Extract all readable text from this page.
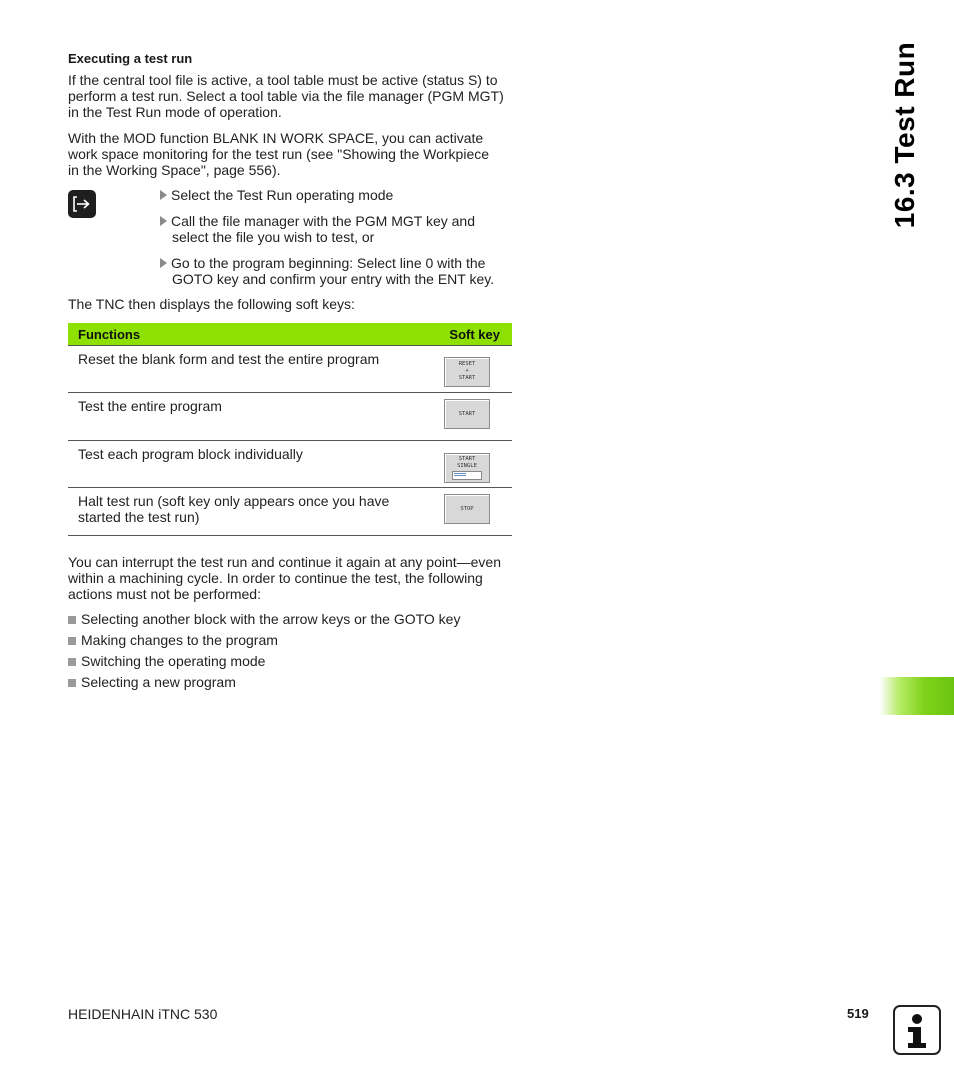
Executing a test run
If the central tool file is active, a tool table must be active (status S) to
perform a test run. Select a tool table via the file manager (PGM MGT)
in the Test Run mode of operation.
With the MOD function BLANK IN WORK SPACE, you can activate
work space monitoring for the test run (see "Showing the Workpiece
in the Working Space", page 556).
Select the Test Run operating mode
Call the file manager with the PGM MGT key and
select the file you wish to test, or
Go to the program beginning: Select line 0 with the
GOTO key and confirm your entry with the ENT key.
The TNC then displays the following soft keys:
Functions	Soft key

Reset the blank form and test the entire program	RESET
+
START

Test the entire program	START

Test each program block individually	START
SINGLE

Halt test run (soft key only appears once you have
started the test run)	STOP
You can interrupt the test run and continue it again at any point—even
within a machining cycle. In order to continue the test, the following
actions must not be performed:
Selecting another block with the arrow keys or the GOTO key
Making changes to the program
Switching the operating mode
Selecting a new program
16.3 Test Run
HEIDENHAIN iTNC 530	519
